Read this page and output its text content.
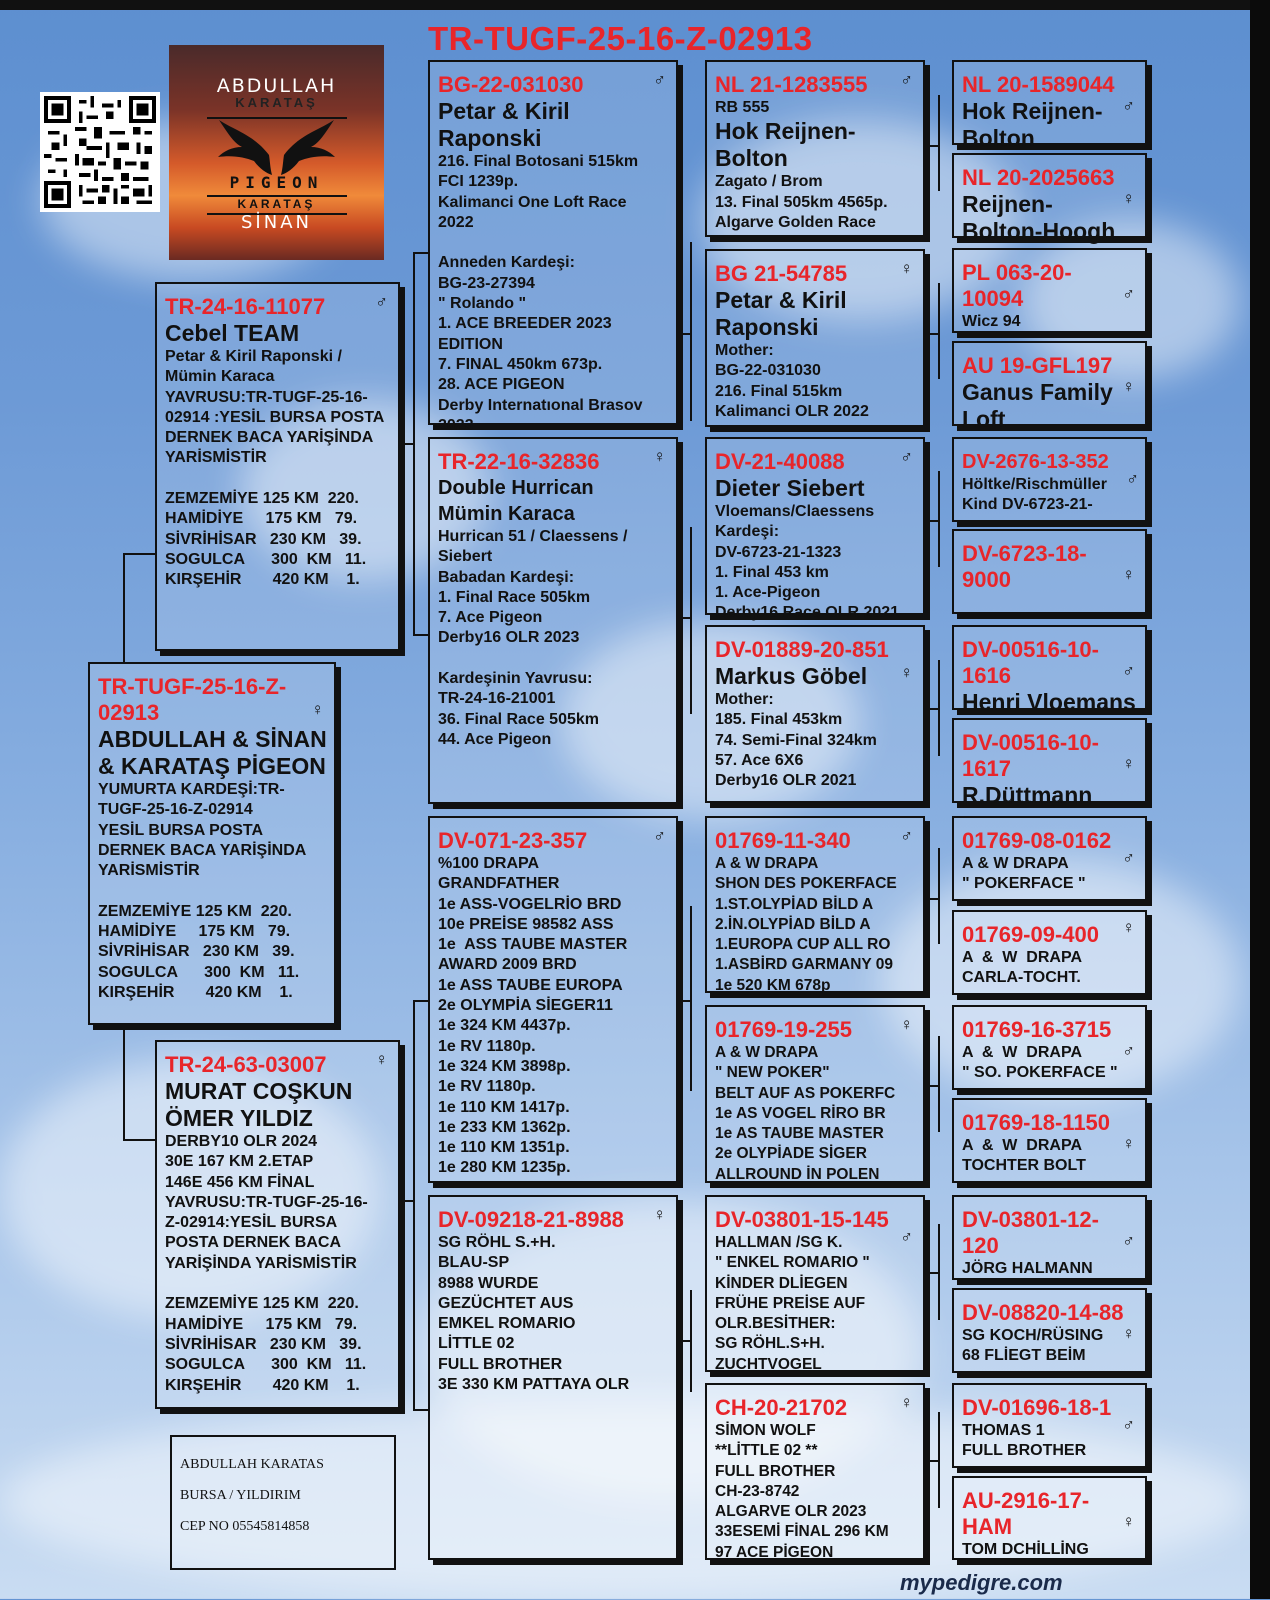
TR-TUGF-25-16-Z-02913
ABDULLAH
KARATAŞ
PIGEON
KARATAŞ
SİNAN
TR-TUGF-25-16-Z-
02913	♀
ABDULLAH & SİNAN
& KARATAŞ PİGEON
YUMURTA KARDEŞİ:TR-
TUGF-25-16-Z-02914
YESİL BURSA POSTA
DERNEK BACA YARİŞİNDA
YARİSMİSTİR

ZEMZEMİYE 125 KM  220.
HAMİDİYE     175 KM   79.
SİVRİHİSAR   230 KM   39.
SOGULCA      300  KM   11.
KIRŞEHİR       420 KM    1.
TR-24-16-11077	♂
Cebel TEAM
Petar & Kiril Raponski /
Mümin Karaca
YAVRUSU:TR-TUGF-25-16-
02914 :YESİL BURSA POSTA
DERNEK BACA YARİŞİNDA
YARİSMİSTİR

ZEMZEMİYE 125 KM  220.
HAMİDİYE     175 KM   79.
SİVRİHİSAR   230 KM   39.
SOGULCA      300  KM   11.
KIRŞEHİR       420 KM    1.
TR-24-63-03007	♀
MURAT COŞKUN
ÖMER YILDIZ
DERBY10 OLR 2024
30E 167 KM 2.ETAP
146E 456 KM FİNAL
YAVRUSU:TR-TUGF-25-16-
Z-02914:YESİL BURSA
POSTA DERNEK BACA
YARİŞİNDA YARİSMİSTİR

ZEMZEMİYE 125 KM  220.
HAMİDİYE     175 KM   79.
SİVRİHİSAR   230 KM   39.
SOGULCA      300  KM   11.
KIRŞEHİR       420 KM    1.
BG-22-031030	♂
Petar & Kiril Raponski
216. Final Botosani 515km
FCI 1239p.
Kalimanci One Loft Race
2022

Anneden Kardeşi:
BG-23-27394
" Rolando "
1. ACE BREEDER 2023
EDITION
7. FINAL 450km 673p.
28. ACE PIGEON
Derby Internatıonal Brasov
2023
TR-22-16-32836	♀
Double Hurrican
Mümin Karaca
Hurrican 51 / Claessens /
Siebert
Babadan Kardeşi:
1. Final Race 505km
7. Ace Pigeon
Derby16 OLR 2023

Kardeşinin Yavrusu:
TR-24-16-21001
36. Final Race 505km
44. Ace Pigeon
DV-071-23-357	♂
%100 DRAPA
GRANDFATHER
1e ASS-VOGELRİO BRD
10e PREİSE 98582 ASS
1e  ASS TAUBE MASTER
AWARD 2009 BRD
1e ASS TAUBE EUROPA
2e OLYMPİA SİEGER11
1e 324 KM 4437p.
1e RV 1180p.
1e 324 KM 3898p.
1e RV 1180p.
1e 110 KM 1417p.
1e 233 KM 1362p.
1e 110 KM 1351p.
1e 280 KM 1235p.
DV-09218-21-8988	♀
SG RÖHL S.+H.
BLAU-SP
8988 WURDE
GEZÜCHTET AUS
EMKEL ROMARIO
LİTTLE 02
FULL BROTHER
3E 330 KM PATTAYA OLR
NL 21-1283555	♂
RB 555
Hok Reijnen-
Bolton
Zagato / Brom
13. Final 505km 4565p.
Algarve Golden Race
BG 21-54785	♀
Petar & Kiril
Raponski
Mother:
BG-22-031030
216. Final 515km
Kalimanci OLR 2022
DV-21-40088	♂
Dieter Siebert
Vloemans/Claessens
Kardeşi:
DV-6723-21-1323
1. Final 453 km
1. Ace-Pigeon
Derby16 Race OLR 2021
DV-01889-20-851
♀
Markus Göbel
Mother:
185. Final 453km
74. Semi-Final 324km
57. Ace 6X6
Derby16 OLR 2021
01769-11-340	♂
A & W DRAPA
SHON DES POKERFACE
1.ST.OLYPİAD BİLD A
2.İN.OLYPİAD BİLD A
1.EUROPA CUP ALL RO
1.ASBİRD GARMANY 09
1e 520 KM 678p
01769-19-255	♀
A & W DRAPA
" NEW POKER"
BELT AUF AS POKERFC
1e AS VOGEL RİRO BR
1e AS TAUBE MASTER
2e OLYPİADE SİGER
ALLROUND İN POLEN
DV-03801-15-145
♂
HALLMAN /SG K.
" ENKEL ROMARIO "
KİNDER DLİEGEN
FRÜHE PREİSE AUF
OLR.BESİTHER:
SG RÖHL.S+H.
ZUCHTVOGEL
CH-20-21702	♀
SİMON WOLF
**LİTTLE 02 **
FULL BROTHER
CH-23-8742
ALGARVE OLR 2023
33ESEMİ FİNAL 296 KM
97 ACE PİGEON
NL 20-1589044
♂
Hok Reijnen-
Bolton
NL 20-2025663
♀
Reijnen-
Bolton-Hoogh
PL 063-20-
10094	♂
Wicz 94
AU 19-GFL197
♀
Ganus Family
Loft
DV-2676-13-352
♂
Höltke/Rischmüller
Kind DV-6723-21-
DV-6723-18-
9000	♀
DV-00516-10-
1616	♂
Henri Vloemans
DV-00516-10-
1617	♀
R.Düttmann
01769-08-0162
♂
A & W DRAPA
" POKERFACE "
01769-09-400	♀
A  &  W  DRAPA
CARLA-TOCHT.
01769-16-3715
♂
A  &  W  DRAPA
" SO. POKERFACE "
01769-18-1150
♀
A  &  W  DRAPA
TOCHTER BOLT
DV-03801-12-
120	♂
JÖRG HALMANN
DV-08820-14-88
♀
SG KOCH/RÜSING
68 FLİEGT BEİM
DV-01696-18-1
♂
THOMAS 1
FULL BROTHER
AU-2916-17-
HAM	♀
TOM DCHİLLİNG
ABDULLAH KARATAS
BURSA / YILDIRIM
CEP NO 05545814858
mypedigre.com
